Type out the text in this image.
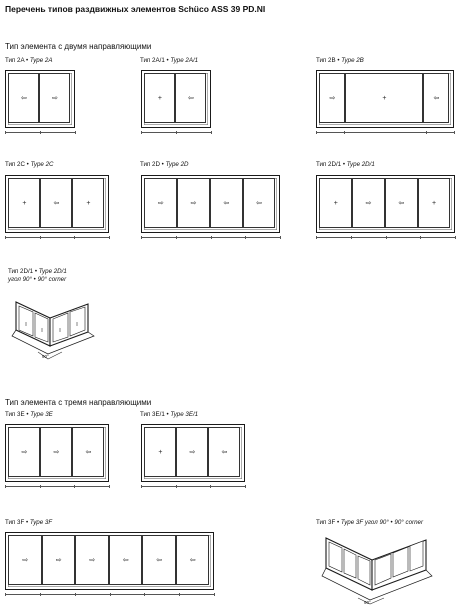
Перечень типов раздвижных элементов Schüco ASS 39 PD.NI
Тип элемента с двумя направляющими
Тип 2A • Type 2A	Тип 2A/1 • Type 2A/1	Тип 2B • Type 2B
Тип 2C • Type 2C	Тип 2D • Type 2D	Тип 2D/1 • Type 2D/1
Тип 2D/1 • Type 2D/1
угол 90° • 90° corner
Тип элемента с тремя направляющими
Тип 3E • Type 3E	Тип 3E/1 • Type 3E/1
Тип 3F • Type 3F	Тип 3F • Type 3F угол 90° • 90° corner
⇦	⇨	+	⇦	⇨	+	⇦
+	⇦	+	⇨	⇨	⇦	⇦	+	⇨	⇦	+
⇨	⇨	⇦	+	⇨	⇦
⇨	⇨	⇨	⇦	⇦	⇦
90°
90°
